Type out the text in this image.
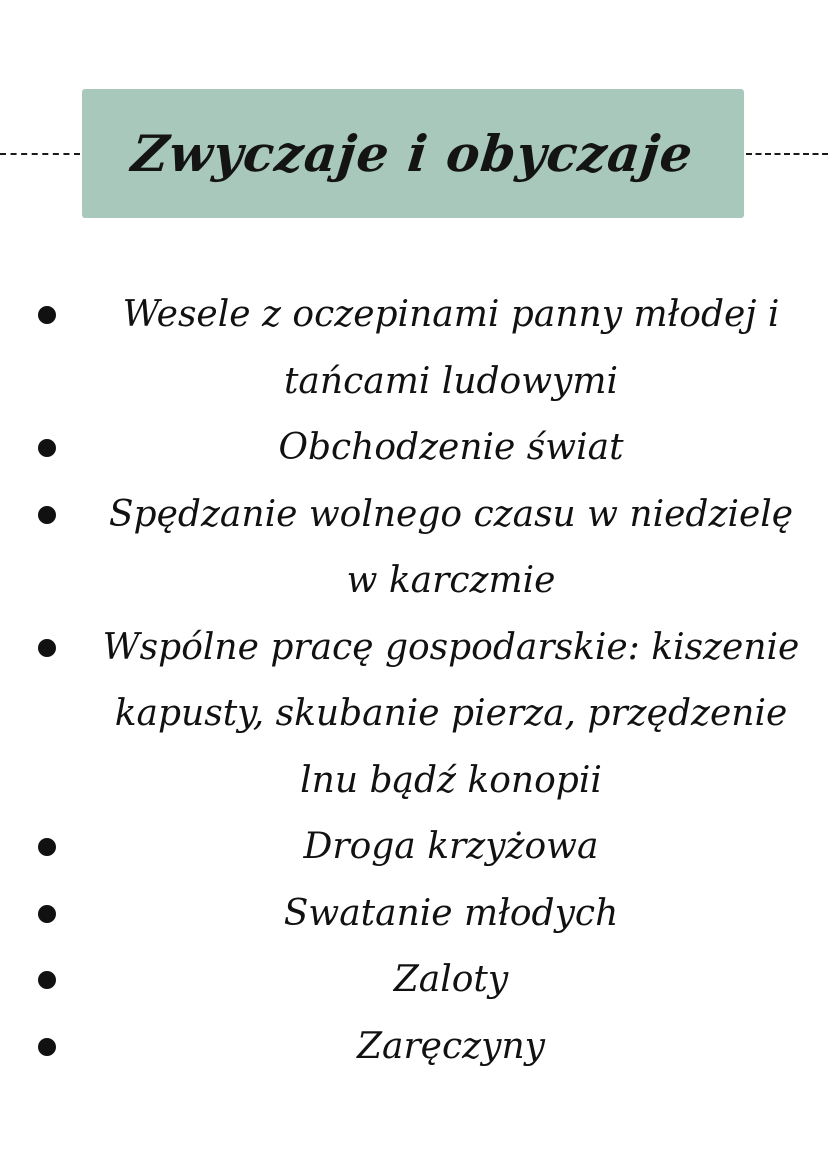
Zwyczaje i obyczaje
Wesele z oczepinami panny młodej i tańcami ludowymi
Obchodzenie świat
Spędzanie wolnego czasu w niedzielę w karczmie
Wspólne pracę gospodarskie: kiszenie kapusty, skubanie pierza, przędzenie lnu bądź konopii
Droga krzyżowa
Swatanie młodych
Zaloty
Zaręczyny
